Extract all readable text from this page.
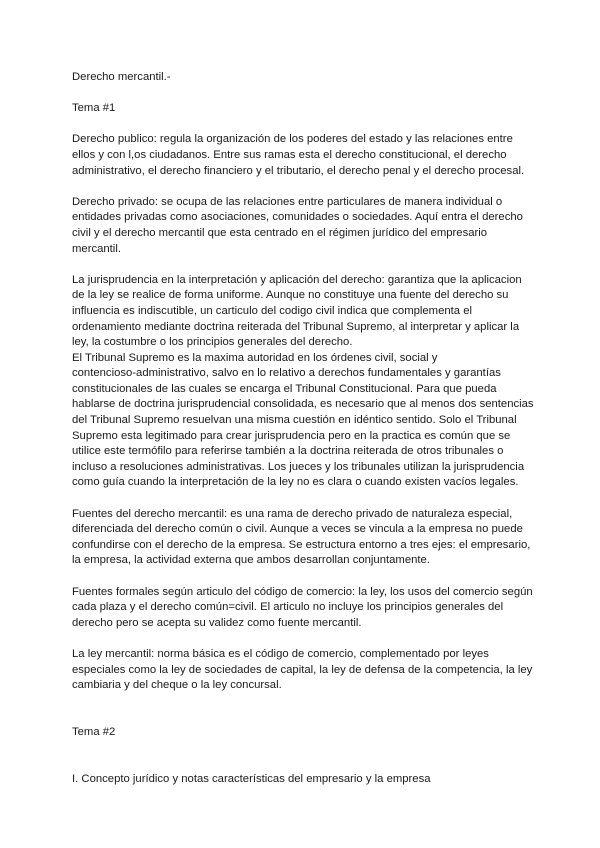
Derecho mercantil.-
Tema #1
Derecho publico: regula la organización de los poderes del estado y las relaciones entre
ellos y con l,os ciudadanos. Entre sus ramas esta el derecho constitucional, el derecho
administrativo, el derecho financiero y el tributario, el derecho penal y el derecho procesal.
Derecho privado: se ocupa de las relaciones entre particulares de manera individual o
entidades privadas como asociaciones, comunidades o sociedades. Aquí entra el derecho
civil y el derecho mercantil que esta centrado en el régimen jurídico del empresario
mercantil.
La jurisprudencia en la interpretación y aplicación del derecho: garantiza que la aplicacion
de la ley se realice de forma uniforme. Aunque no constituye una fuente del derecho su
influencia es indiscutible, un carticulo del codigo civil indica que complementa el
ordenamiento mediante doctrina reiterada del Tribunal Supremo, al interpretar y aplicar la
ley, la costumbre o los principios generales del derecho.
El Tribunal Supremo es la maxima autoridad en los órdenes civil, social y
contencioso-administrativo, salvo en lo relativo a derechos fundamentales y garantías
constitucionales de las cuales se encarga el Tribunal Constitucional. Para que pueda
hablarse de doctrina jurisprudencial consolidada, es necesario que al menos dos sentencias
del Tribunal Supremo resuelvan una misma cuestión en idéntico sentido. Solo el Tribunal
Supremo esta legitimado para crear jurisprudencia pero en la practica es común que se
utilice este termófilo para referirse también a la doctrina reiterada de otros tribunales o
incluso a resoluciones administrativas. Los jueces y los tribunales utilizan la jurisprudencia
como guía cuando la interpretación de la ley no es clara o cuando existen vacíos legales.
Fuentes del derecho mercantil: es una rama de derecho privado de naturaleza especial,
diferenciada del derecho común o civil. Aunque a veces se vincula a la empresa no puede
confundirse con el derecho de la empresa. Se estructura entorno a tres ejes: el empresario,
la empresa, la actividad externa que ambos desarrollan conjuntamente.
Fuentes formales según articulo del código de comercio: la ley, los usos del comercio según
cada plaza y el derecho común=civil. El articulo no incluye los principios generales del
derecho pero se acepta su validez como fuente mercantil.
La ley mercantil: norma básica es el código de comercio, complementado por leyes
especiales como la ley de sociedades de capital, la ley de defensa de la competencia, la ley
cambiaria y del cheque o la ley concursal.
Tema #2
I. Concepto jurídico y notas características del empresario y la empresa
